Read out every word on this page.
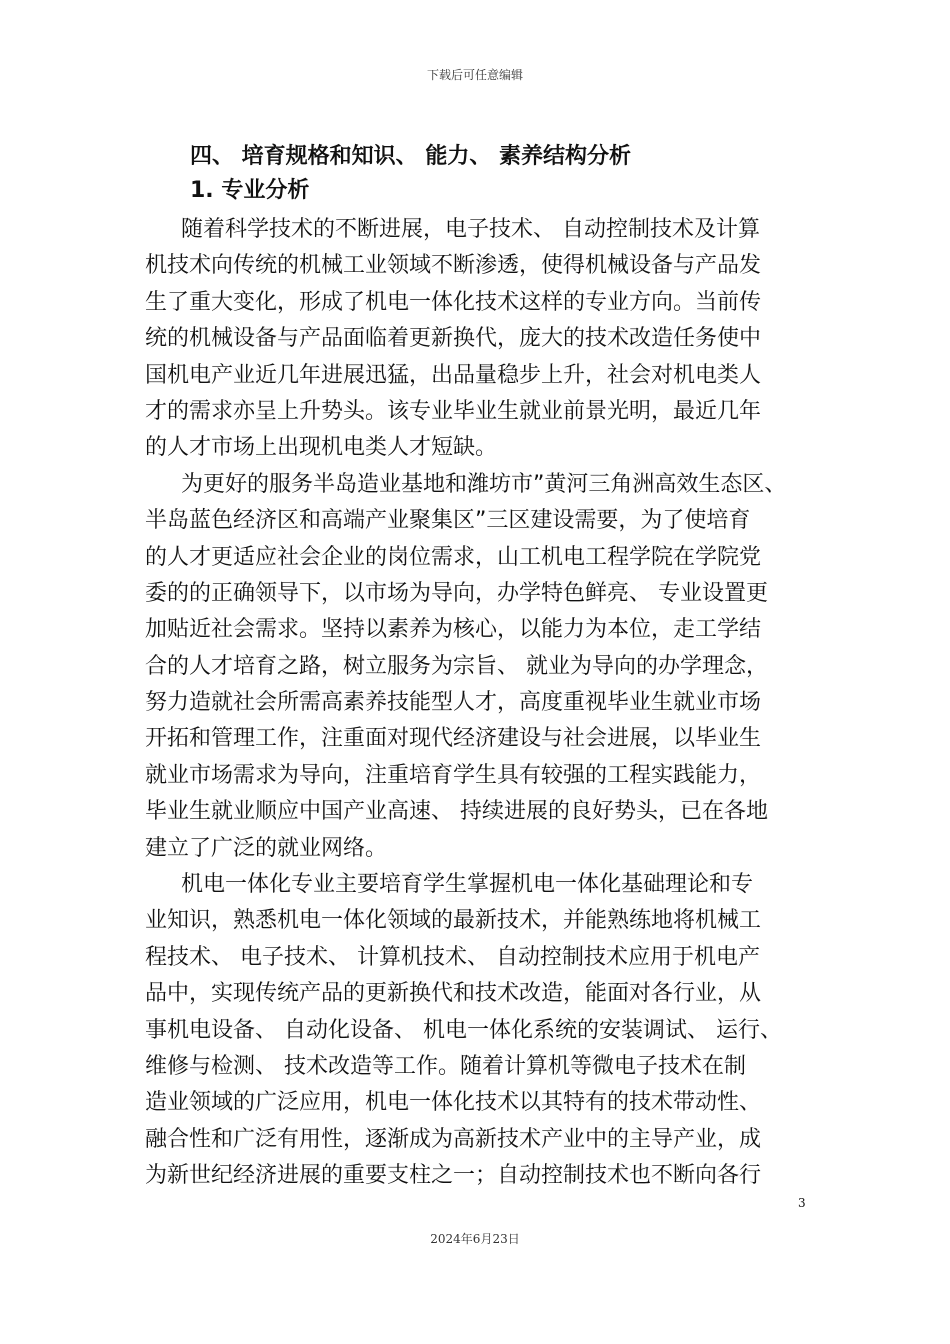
下载后可任意编辑
四、 培育规格和知识、 能力、 素养结构分析
1. 专业分析
随着科学技术的不断进展，电子技术、 自动控制技术及计算
机技术向传统的机械工业领域不断渗透，使得机械设备与产品发
生了重大变化，形成了机电一体化技术这样的专业方向。当前传
统的机械设备与产品面临着更新换代，庞大的技术改造任务使中
国机电产业近几年进展迅猛，出品量稳步上升，社会对机电类人
才的需求亦呈上升势头。该专业毕业生就业前景光明，最近几年
的人才市场上出现机电类人才短缺。
为更好的服务半岛造业基地和潍坊市”黄河三角洲高效生态区、
半岛蓝色经济区和高端产业聚集区”三区建设需要，为了使培育
的人才更适应社会企业的岗位需求，山工机电工程学院在学院党
委的的正确领导下，以市场为导向，办学特色鲜亮、 专业设置更
加贴近社会需求。坚持以素养为核心，以能力为本位，走工学结
合的人才培育之路，树立服务为宗旨、 就业为导向的办学理念，
努力造就社会所需高素养技能型人才，高度重视毕业生就业市场
开拓和管理工作，注重面对现代经济建设与社会进展，以毕业生
就业市场需求为导向，注重培育学生具有较强的工程实践能力，
毕业生就业顺应中国产业高速、 持续进展的良好势头，已在各地
建立了广泛的就业网络。
机电一体化专业主要培育学生掌握机电一体化基础理论和专
业知识，熟悉机电一体化领域的最新技术，并能熟练地将机械工
程技术、 电子技术、 计算机技术、 自动控制技术应用于机电产
品中，实现传统产品的更新换代和技术改造，能面对各行业，从
事机电设备、 自动化设备、 机电一体化系统的安装调试、 运行、
维修与检测、 技术改造等工作。随着计算机等微电子技术在制
造业领域的广泛应用，机电一体化技术以其特有的技术带动性、
融合性和广泛有用性，逐渐成为高新技术产业中的主导产业，成
为新世纪经济进展的重要支柱之一；自动控制技术也不断向各行
3
2024年6月23日
